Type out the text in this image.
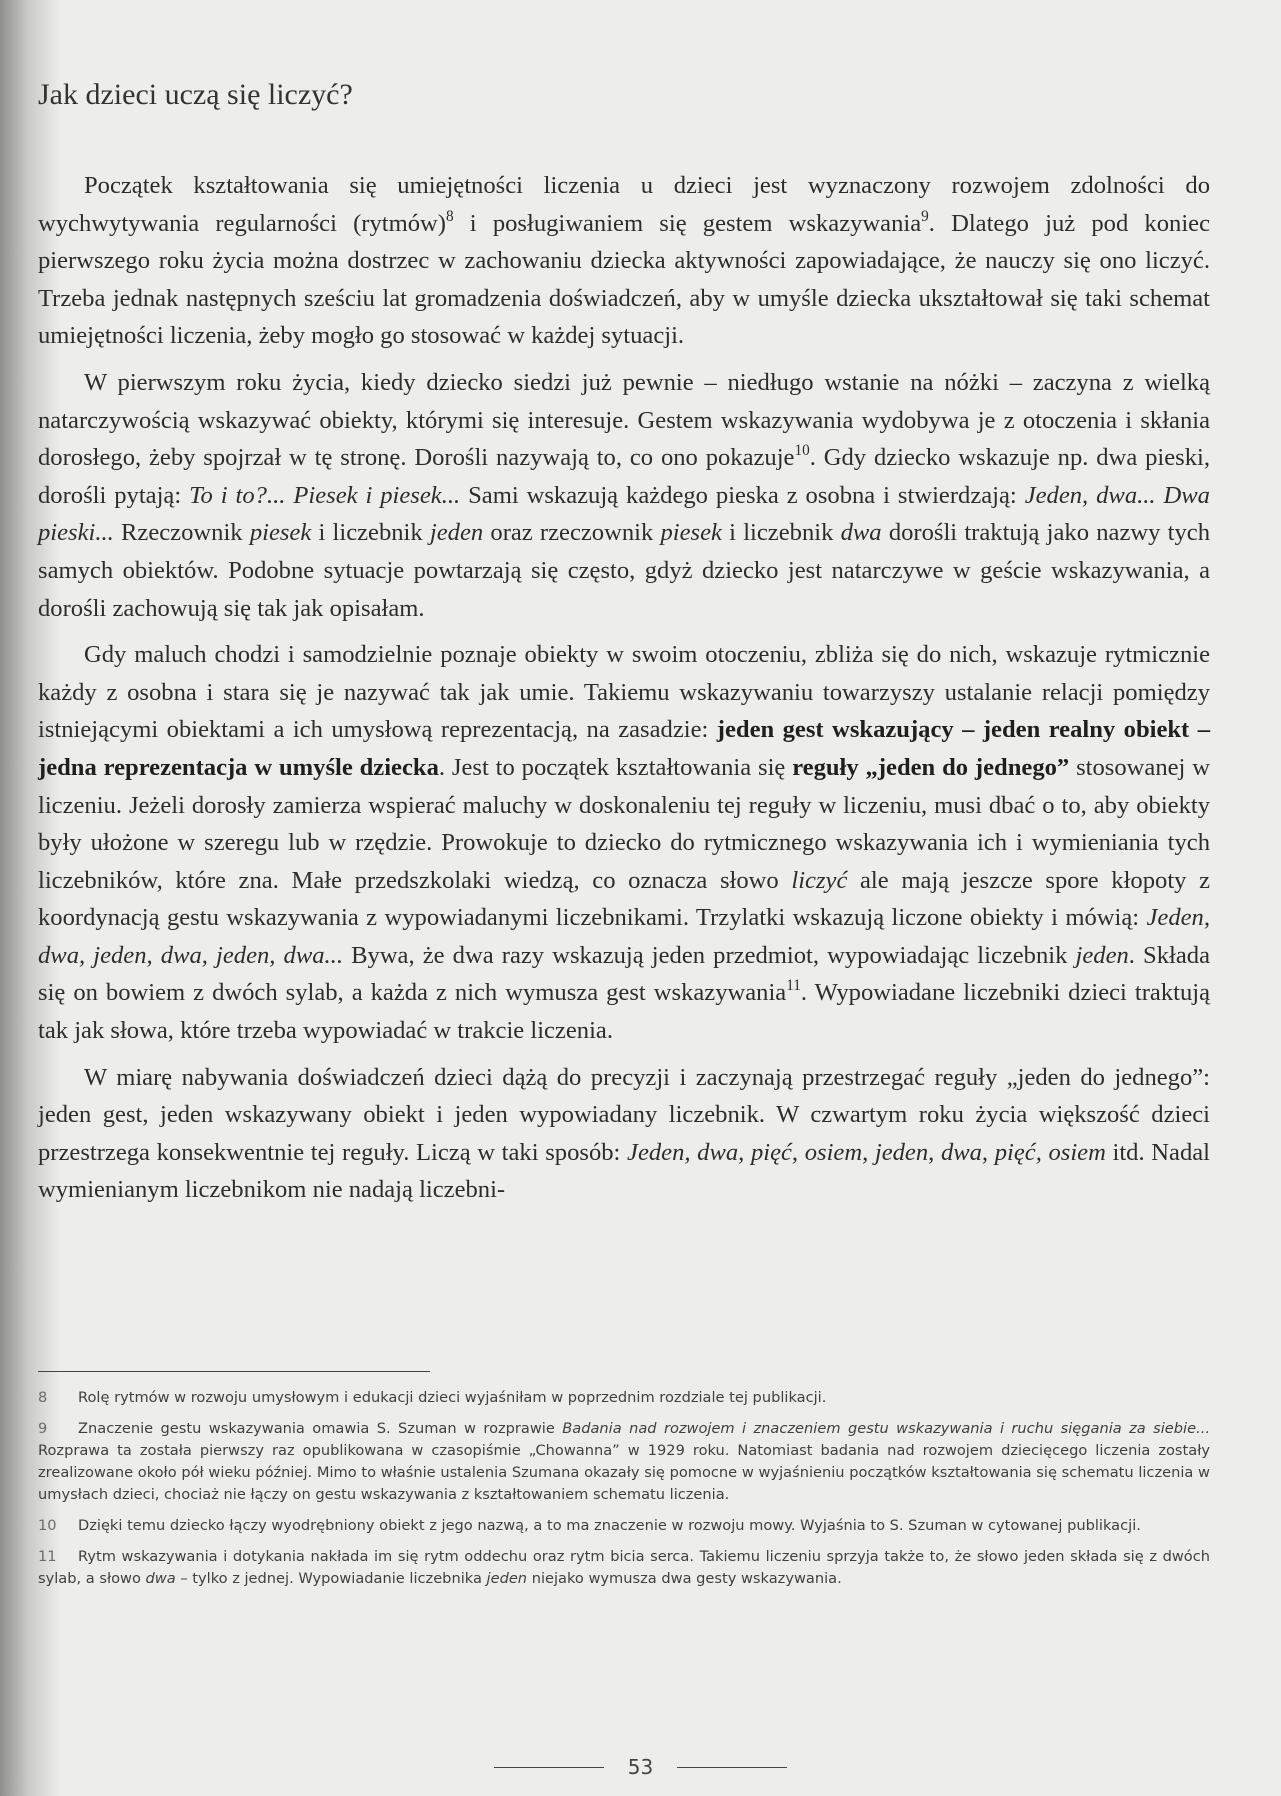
Jak dzieci uczą się liczyć?

Początek kształtowania się umiejętności liczenia u dzieci jest wyznaczony rozwojem zdolności do wychwytywania regularności (rytmów)$^8$ i posługiwaniem się gestem wskazywania$^9$. Dlatego już pod koniec pierwszego roku życia można dostrzec w zachowaniu dziecka aktywności zapowiadające, że nauczy się ono liczyć. Trzeba jednak następnych sześciu lat gromadzenia doświadczeń, aby w umyśle dziecka ukształtował się taki schemat umiejętności liczenia, żeby mogło go stosować w każdej sytuacji.

W pierwszym roku życia, kiedy dziecko siedzi już pewnie – niedługo wstanie na nóżki – zaczyna z wielką natarczywością wskazywać obiekty, którymi się interesuje. Gestem wskazywania wydobywa je z otoczenia i skłania dorosłego, żeby spojrzał w tę stronę. Dorośli nazywają to, co ono pokazuje$^{10}$. Gdy dziecko wskazuje np. dwa pieski, dorośli pytają: To i to?... Piesek i piesek... Sami wskazują każdego pieska z osobna i stwierdzają: Jeden, dwa... Dwa pieski... Rzeczownik piesek i liczebnik jeden oraz rzeczownik piesek i liczebnik dwa dorośli traktują jako nazwy tych samych obiektów. Podobne sytuacje powtarzają się często, gdyż dziecko jest natarczywe w geście wskazywania, a dorośli zachowują się tak jak opisałam.

Gdy maluch chodzi i samodzielnie poznaje obiekty w swoim otoczeniu, zbliża się do nich, wskazuje rytmicznie każdy z osobna i stara się je nazywać tak jak umie. Takiemu wskazywaniu towarzyszy ustalanie relacji pomiędzy istniejącymi obiektami a ich umysłową reprezentacją, na zasadzie: jeden gest wskazujący – jeden realny obiekt – jedna reprezentacja w umyśle dziecka. Jest to początek kształtowania się reguły „jeden do jednego” stosowanej w liczeniu. Jeżeli dorosły zamierza wspierać maluchy w doskonaleniu tej reguły w liczeniu, musi dbać o to, aby obiekty były ułożone w szeregu lub w rzędzie. Prowokuje to dziecko do rytmicznego wskazywania ich i wymieniania tych liczebników, które zna. Małe przedszkolaki wiedzą, co oznacza słowo liczyć ale mają jeszcze spore kłopoty z koordynacją gestu wskazywania z wypowiadanymi liczebnikami. Trzylatki wskazują liczone obiekty i mówią: Jeden, dwa, jeden, dwa, jeden, dwa... Bywa, że dwa razy wskazują jeden przedmiot, wypowiadając liczebnik jeden. Składa się on bowiem z dwóch sylab, a każda z nich wymusza gest wskazywania$^{11}$. Wypowiadane liczebniki dzieci traktują tak jak słowa, które trzeba wypowiadać w trakcie liczenia.

W miarę nabywania doświadczeń dzieci dążą do precyzji i zaczynają przestrzegać reguły „jeden do jednego”: jeden gest, jeden wskazywany obiekt i jeden wypowiadany liczebnik. W czwartym roku życia większość dzieci przestrzega konsekwentnie tej reguły. Liczą w taki sposób: Jeden, dwa, pięć, osiem, jeden, dwa, pięć, osiem itd. Nadal wymienianym liczebnikom nie nadają liczebni-

8 Rolę rytmów w rozwoju umysłowym i edukacji dzieci wyjaśniłam w poprzednim rozdziale tej publikacji.

9 Znaczenie gestu wskazywania omawia S. Szuman w rozprawie Badania nad rozwojem i znaczeniem gestu wskazywania i ruchu sięgania za siebie... Rozprawa ta została pierwszy raz opublikowana w czasopiśmie „Chowanna” w 1929 roku. Natomiast badania nad rozwojem dziecięcego liczenia zostały zrealizowane około pół wieku później. Mimo to właśnie ustalenia Szumana okazały się pomocne w wyjaśnieniu początków kształtowania się schematu liczenia w umysłach dzieci, chociaż nie łączy on gestu wskazywania z kształtowaniem schematu liczenia.

10 Dzięki temu dziecko łączy wyodrębniony obiekt z jego nazwą, a to ma znaczenie w rozwoju mowy. Wyjaśnia to S. Szuman w cytowanej publikacji.

11 Rytm wskazywania i dotykania nakłada im się rytm oddechu oraz rytm bicia serca. Takiemu liczeniu sprzyja także to, że słowo jeden składa się z dwóch sylab, a słowo dwa – tylko z jednej. Wypowiadanie liczebnika jeden niejako wymusza dwa gesty wskazywania.

53
